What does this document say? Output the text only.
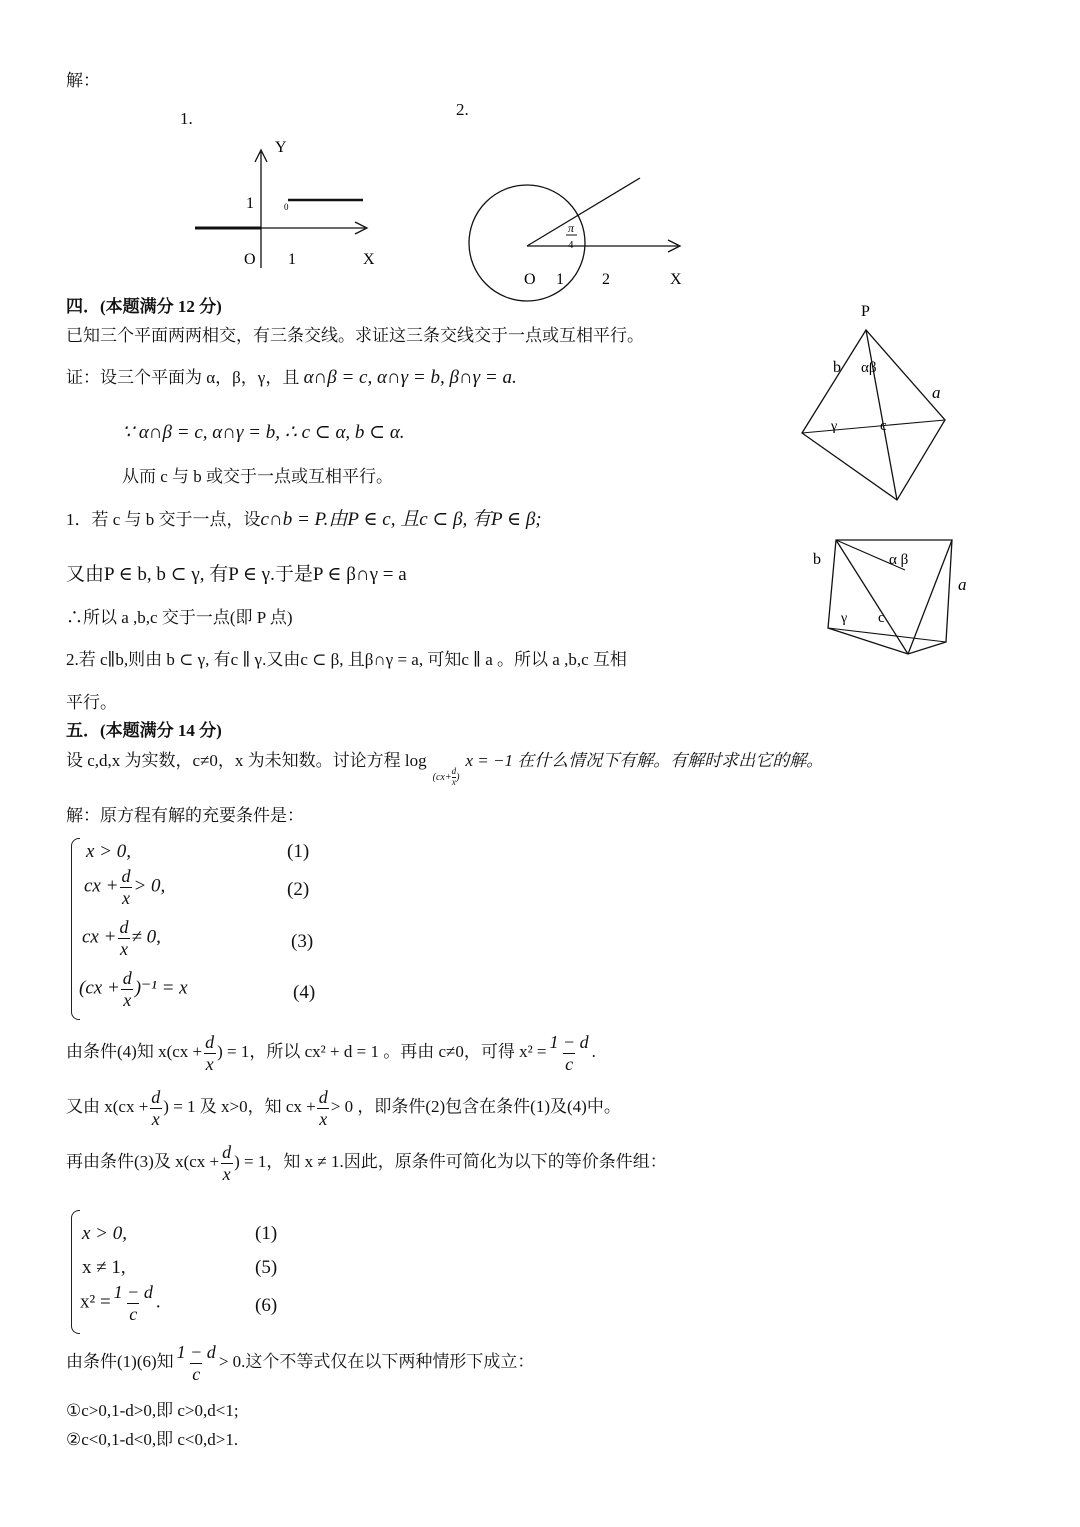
解：
1.	2.
Y
X
O 1
1	0
π
4
O 1 2	X
四．(本题满分 12 分)
已知三个平面两两相交，有三条交线。求证这三条交线交于一点或互相平行。
证：设三个平面为 α，β，γ，且 α∩β = c, α∩γ = b, β∩γ = a.
∵ α∩β = c, α∩γ = b, ∴ c ⊂ α, b ⊂ α.
从而 c 与 b 或交于一点或互相平行。
1．若 c 与 b 交于一点，设c∩b = P.由P ∈ c, 且c ⊂ β, 有P ∈ β;
又由P ∈ b, b ⊂ γ, 有P ∈ γ.于是P ∈ β∩γ = a
∴所以 a ,b,c 交于一点(即 P 点)
2.若 c∥b,则由 b ⊂ γ, 有c ∥ γ.又由c ⊂ β, 且β∩γ = a, 可知c ∥ a 。所以 a ,b,c 互相
平行。
P
b αβ
a
γ	c
b	α β
a
γ c
五．(本题满分 14 分)
设 c,d,x 为实数，c≠0，x 为未知数。讨论方程 $\log_{(cx+ \frac{d}{x} )}x = -1$ 在什么情况下有解。有解时求出它的解。
解：原方程有解的充要条件是：
x > 0,	(1)
cx + $\frac{d}{x} > 0$,	(2)
cx + $\frac{d}{x} \ne 0$,	(3)
$(cx + \frac{d}{x} )^{-1} = x$	(4)
由条件(4)知 $x(cx + \frac{d}{x}$ ) = 1，所以 cx² + d = 1 。再由 c≠0，可得 $x^2 = \frac{1 - d}{c}$ .
又由 $x(cx + \frac{d}{x}$ ) = 1 及 x>0，知 cx + $\frac{d}{x} > 0$ ，即条件(2)包含在条件(1)及(4)中。
再由条件(3)及 $x(cx + \frac{d}{x}$ ) = 1，知 x ≠ 1.因此，原条件可简化为以下的等价条件组：
x > 0,	(1)
x ≠ 1,	(5)
$x^2 = \frac{1 - d}{c}$ .	(6)
由条件(1)(6)知 $\frac{1 - d}{c} > 0$.这个不等式仅在以下两种情形下成立：
①c>0,1-d>0,即 c>0,d<1;
②c<0,1-d<0,即 c<0,d>1.
